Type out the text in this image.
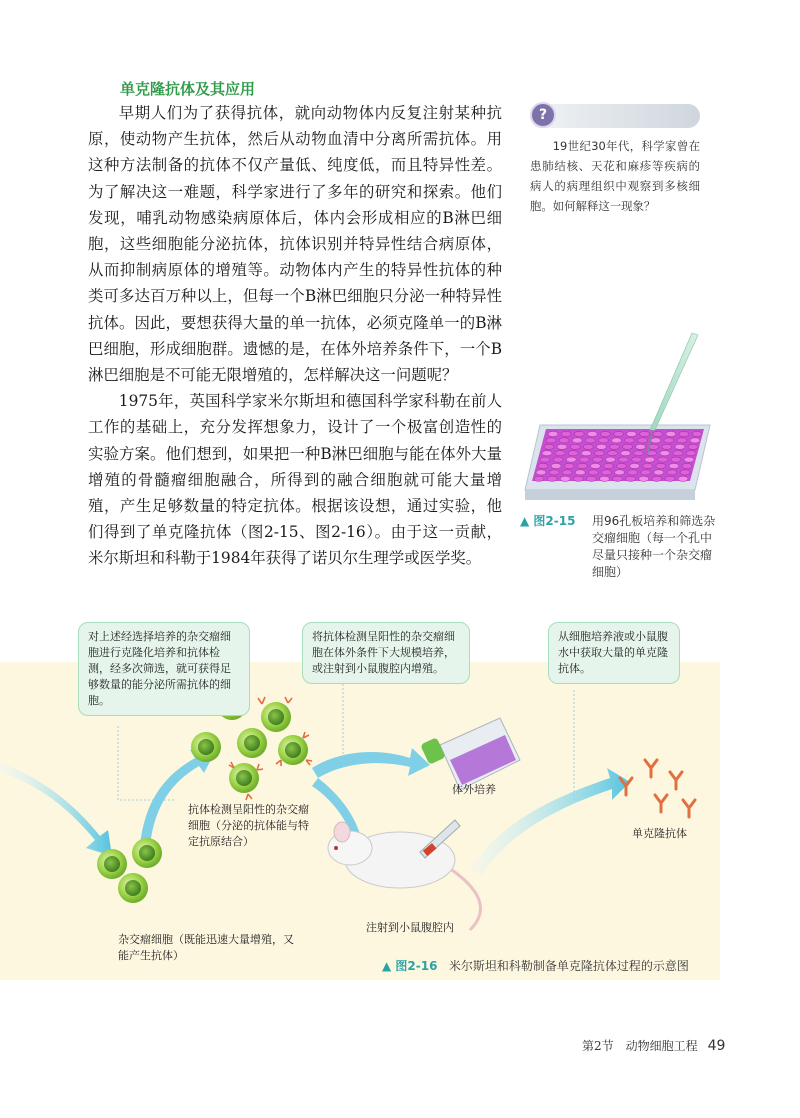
单克隆抗体及其应用

早期人们为了获得抗体，就向动物体内反复注射某种抗原，使动物产生抗体，然后从动物血清中分离所需抗体。用这种方法制备的抗体不仅产量低、纯度低，而且特异性差。为了解决这一难题，科学家进行了多年的研究和探索。他们发现，哺乳动物感染病原体后，体内会形成相应的B淋巴细胞，这些细胞能分泌抗体，抗体识别并特异性结合病原体，从而抑制病原体的增殖等。动物体内产生的特异性抗体的种类可多达百万种以上，但每一个B淋巴细胞只分泌一种特异性抗体。因此，要想获得大量的单一抗体，必须克隆单一的B淋巴细胞，形成细胞群。遗憾的是，在体外培养条件下，一个B淋巴细胞是不可能无限增殖的，怎样解决这一问题呢？

1975年，英国科学家米尔斯坦和德国科学家科勒在前人工作的基础上，充分发挥想象力，设计了一个极富创造性的实验方案。他们想到，如果把一种B淋巴细胞与能在体外大量增殖的骨髓瘤细胞融合，所得到的融合细胞就可能大量增殖，产生足够数量的特定抗体。根据该设想，通过实验，他们得到了单克隆抗体（图2-15、图2-16）。由于这一贡献，米尔斯坦和科勒于1984年获得了诺贝尔生理学或医学奖。

?

19世纪30年代，科学家曾在患肺结核、天花和麻疹等疾病的病人的病理组织中观察到多核细胞。如何解释这一现象？

▲ 图2-15 用96孔板培养和筛选杂交瘤细胞（每一个孔中尽量只接种一个杂交瘤细胞）
对上述经选择培养的杂交瘤细胞进行克隆化培养和抗体检测，经多次筛选，就可获得足够数量的能分泌所需抗体的细胞。
将抗体检测呈阳性的杂交瘤细胞在体外条件下大规模培养，或注射到小鼠腹腔内增殖。
从细胞培养液或小鼠腹水中获取大量的单克隆抗体。
抗体检测呈阳性的杂交瘤细胞（分泌的抗体能与特定抗原结合）
体外培养
单克隆抗体
注射到小鼠腹腔内
杂交瘤细胞（既能迅速大量增殖，又能产生抗体）
▲ 图2-16 米尔斯坦和科勒制备单克隆抗体过程的示意图
第2节　动物细胞工程 49
